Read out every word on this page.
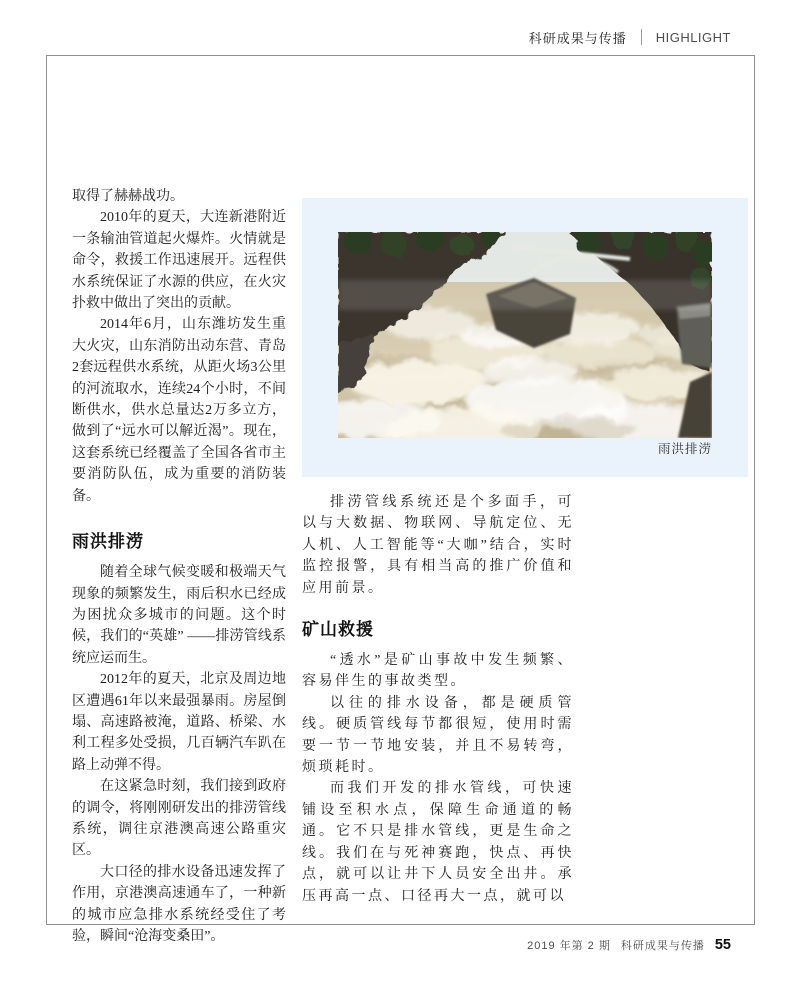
科研成果与传播 HIGHLIGHT
雨洪排涝

取得了赫赫战功。

2010年的夏天，大连新港附近一条输油管道起火爆炸。火情就是命令，救援工作迅速展开。远程供水系统保证了水源的供应，在火灾扑救中做出了突出的贡献。

2014年6月，山东潍坊发生重大火灾，山东消防出动东营、青岛2套远程供水系统，从距火场3公里的河流取水，连续24个小时，不间断供水，供水总量达2万多立方，做到了“远水可以解近渴”。现在，这套系统已经覆盖了全国各省市主要消防队伍，成为重要的消防装备。

雨洪排涝

随着全球气候变暖和极端天气现象的频繁发生，雨后积水已经成为困扰众多城市的问题。这个时候，我们的“英雄” ——排涝管线系统应运而生。

2012年的夏天，北京及周边地区遭遇61年以来最强暴雨。房屋倒塌、高速路被淹，道路、桥梁、水利工程多处受损，几百辆汽车趴在路上动弹不得。

在这紧急时刻，我们接到政府的调令，将刚刚研发出的排涝管线系统，调往京港澳高速公路重灾区。

大口径的排水设备迅速发挥了作用，京港澳高速通车了，一种新的城市应急排水系统经受住了考验，瞬间“沧海变桑田”。

排涝管线系统还是个多面手，可以与大数据、物联网、导航定位、无人机、人工智能等“大咖”结合，实时监控报警，具有相当高的推广价值和应用前景。

矿山救援

“透水”是矿山事故中发生频繁、容易伴生的事故类型。

以往的排水设备，都是硬质管线。硬质管线每节都很短，使用时需要一节一节地安装，并且不易转弯，烦琐耗时。

而我们开发的排水管线，可快速铺设至积水点，保障生命通道的畅通。它不只是排水管线，更是生命之线。我们在与死神赛跑，快点、再快点，就可以让井下人员安全出井。承压再高一点、口径再大一点，就可以

2019 年第 2 期 科研成果与传播 55
